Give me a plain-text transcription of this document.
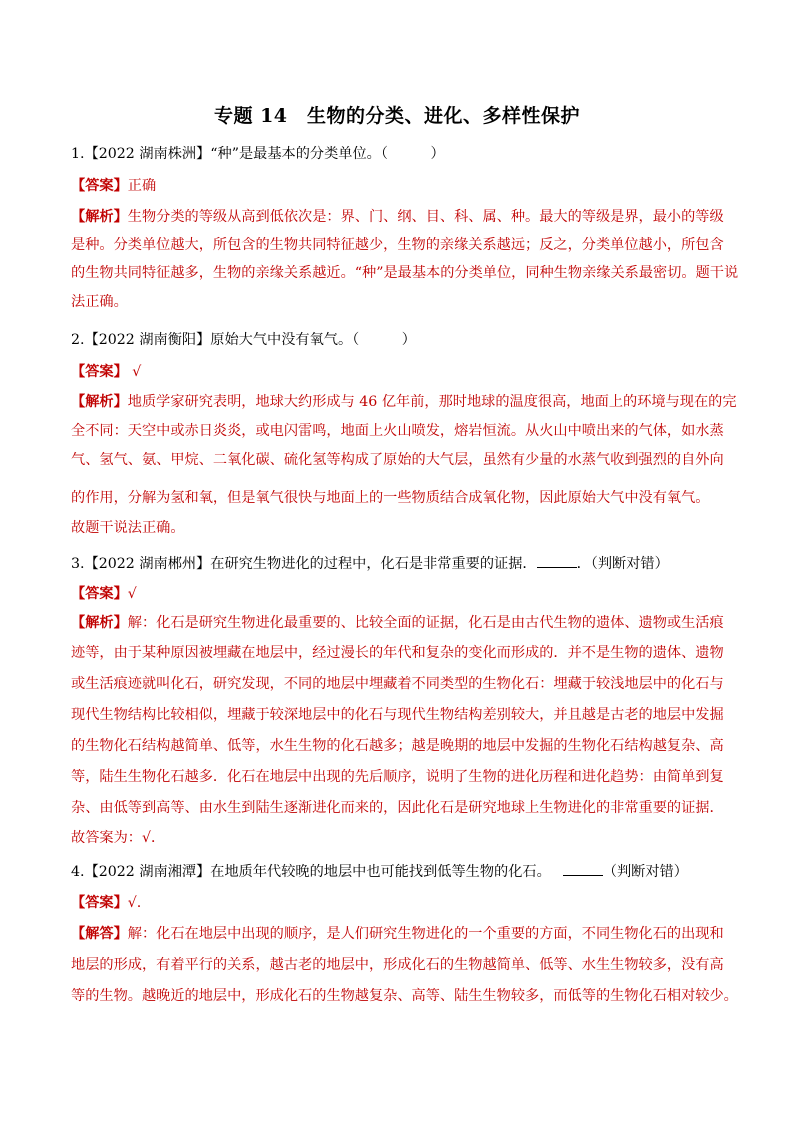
专题 14　生物的分类、进化、多样性保护
1.【2022 湖南株洲】“种”是最基本的分类单位。（　　　）
【答案】正确
【解析】生物分类的等级从高到低依次是：界、门、纲、目、科、属、种。最大的等级是界，最小的等级
是种。分类单位越大，所包含的生物共同特征越少，生物的亲缘关系越远；反之，分类单位越小，所包含
的生物共同特征越多，生物的亲缘关系越近。“种”是最基本的分类单位，同种生物亲缘关系最密切。题干说
法正确。
2.【2022 湖南衡阳】原始大气中没有氧气。（　　　）
【答案】 √
【解析】地质学家研究表明，地球大约形成与 46 亿年前，那时地球的温度很高，地面上的环境与现在的完
全不同：天空中或赤日炎炎，或电闪雷鸣，地面上火山喷发，熔岩恒流。从火山中喷出来的气体，如水蒸
气、氢气、氨、甲烷、二氧化碳、硫化氢等构成了原始的大气层，虽然有少量的水蒸气收到强烈的自外向
的作用，分解为氢和氧，但是氧气很快与地面上的一些物质结合成氧化物，因此原始大气中没有氧气。
故题干说法正确。
3.【2022 湖南郴州】在研究生物进化的过程中，化石是非常重要的证据．	．（判断对错）
【答案】√
【解析】解：化石是研究生物进化最重要的、比较全面的证据，化石是由古代生物的遗体、遗物或生活痕
迹等，由于某种原因被埋藏在地层中，经过漫长的年代和复杂的变化而形成的．并不是生物的遗体、遗物
或生活痕迹就叫化石，研究发现，不同的地层中埋藏着不同类型的生物化石：埋藏于较浅地层中的化石与
现代生物结构比较相似，埋藏于较深地层中的化石与现代生物结构差别较大，并且越是古老的地层中发掘
的生物化石结构越简单、低等，水生生物的化石越多；越是晚期的地层中发掘的生物化石结构越复杂、高
等，陆生生物化石越多．化石在地层中出现的先后顺序，说明了生物的进化历程和进化趋势：由简单到复
杂、由低等到高等、由水生到陆生逐渐进化而来的，因此化石是研究地球上生物进化的非常重要的证据．
故答案为：√．
4.【2022 湖南湘潭】在地质年代较晚的地层中也可能找到低等生物的化石。	（判断对错）
【答案】√.
【解答】解：化石在地层中出现的顺序，是人们研究生物进化的一个重要的方面，不同生物化石的出现和
地层的形成，有着平行的关系，越古老的地层中，形成化石的生物越简单、低等、水生生物较多，没有高
等的生物。越晚近的地层中，形成化石的生物越复杂、高等、陆生生物较多，而低等的生物化石相对较少。
